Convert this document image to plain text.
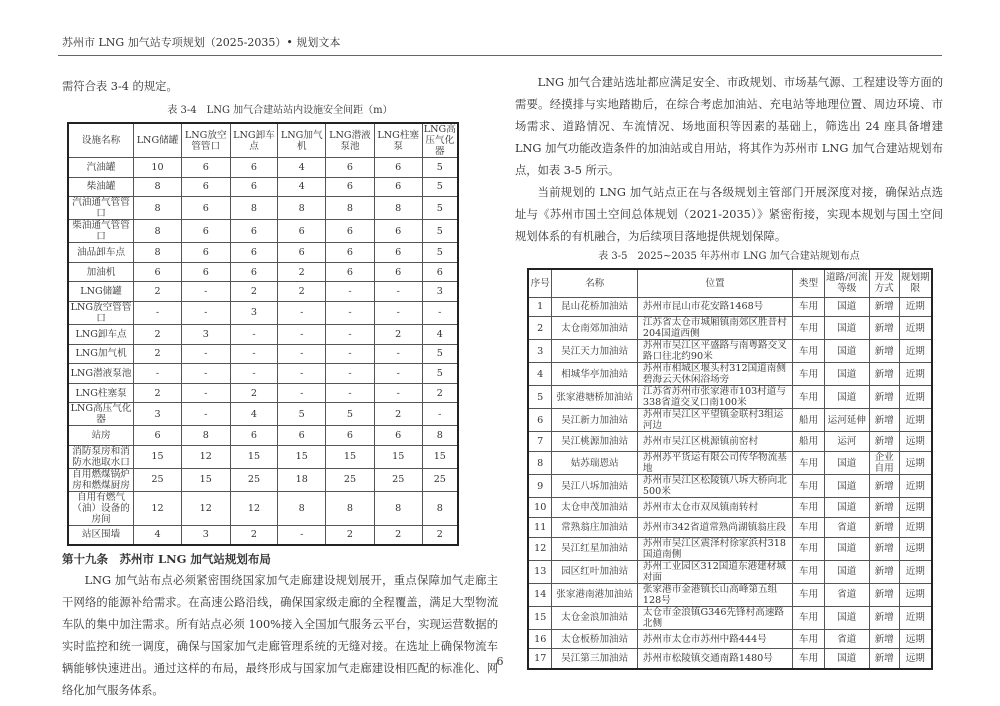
苏州市 LNG 加气站专项规划（2025-2035）• 规划文本

需符合表 3-4 的规定。

表 3-4　LNG 加气合建站站内设施安全间距（m）
设施名称	LNG储罐	LNG放空管管口	LNG卸车点	LNG加气机	LNG潜液泵池	LNG柱塞泵	LNG高压气化器
汽油罐	10	6	6	4	6	6	5
柴油罐	8	6	6	4	6	6	5
汽油通气管管口	8	6	8	8	8	8	5
柴油通气管管口	8	6	6	6	6	6	5
油品卸车点	8	6	6	6	6	6	5
加油机	6	6	6	2	6	6	6
LNG储罐	2	-	2	2	-	-	3
LNG放空管管口	-	-	3	-	-	-	-
LNG卸车点	2	3	-	-	-	2	4
LNG加气机	2	-	-	-	-	-	5
LNG潜液泵池	-	-	-	-	-	-	5
LNG柱塞泵	2	-	2	-	-	-	2
LNG高压气化器	3	-	4	5	5	2	-
站房	6	8	6	6	6	6	8
消防泵房和消防水池取水口	15	12	15	15	15	15	15
自用燃煤锅炉房和燃煤厨房	25	15	25	18	25	25	25
自用有燃气（油）设备的房间	12	12	12	8	8	8	8
站区围墙	4	3	2	-	2	2	2
第十九条　苏州市 LNG 加气站规划布局

LNG 加气站布点必须紧密围绕国家加气走廊建设规划展开，重点保障加气走廊主干网络的能源补给需求。在高速公路沿线，确保国家级走廊的全程覆盖，满足大型物流车队的集中加注需求。所有站点必须 100%接入全国加气服务云平台，实现运营数据的实时监控和统一调度，确保与国家加气走廊管理系统的无缝对接。在选址上确保物流车辆能够快速进出。通过这样的布局，最终形成与国家加气走廊建设相匹配的标准化、网络化加气服务体系。

LNG 加气合建站选址都应满足安全、市政规划、市场基气源、工程建设等方面的需要。经摸排与实地踏勘后，在综合考虑加油站、充电站等地理位置、周边环境、市场需求、道路情况、车流情况、场地面积等因素的基础上，筛选出 24 座具备增建 LNG 加气功能改造条件的加油站或自用站，将其作为苏州市 LNG 加气合建站规划布点，如表 3-5 所示。

当前规划的 LNG 加气站点正在与各级规划主管部门开展深度对接，确保站点选址与《苏州市国土空间总体规划（2021-2035）》紧密衔接，实现本规划与国土空间规划体系的有机融合，为后续项目落地提供规划保障。

表 3-5　2025~2035 年苏州市 LNG 加气合建站规划布点
序号	名称	位置	类型	道路/河流等级	开发方式	规划期限
1	昆山花桥加油站	苏州市昆山市花安路1468号	车用	国道	新增	近期
2	太仓南郊加油站	江苏省太仓市城厢镇南郊区胜昔村204国道西侧	车用	国道	新增	近期
3	吴江天力加油站	苏州市吴江区平盛路与南粤路交叉路口往北约90米	车用	国道	新增	近期
4	相城华亭加油站	苏州市相城区堰头村312国道南侧碧海云天休闲浴场旁	车用	国道	新增	近期
5	张家港塘桥加油站	江苏省苏州市张家港市103村道与338省道交叉口南100米	车用	国道	新增	近期
6	吴江新力加油站	苏州市吴江区平望镇金联村3组运河边	船用	运河延伸	新增	近期
7	吴江桃源加油站	苏州市吴江区桃源镇前窑村	船用	运河	新增	远期
8	姑苏瑞恩站	苏州苏平货运有限公司传华物流基地	车用	国道	企业自用	远期
9	吴江八坼加油站	苏州市吴江区松陵镇八坼大桥向北500米	车用	国道	新增	近期
10	太仓申茂加油站	苏州市太仓市双凤镇南转村	车用	国道	新增	远期
11	常熟翁庄加油站	苏州市342省道常熟尚湖镇翁庄段	车用	省道	新增	近期
12	吴江红星加油站	苏州市吴江区震泽村徐家浜村318国道南侧	车用	国道	新增	远期
13	园区红叶加油站	苏州工业园区312国道东港建材城对面	车用	国道	新增	近期
14	张家港南港加油站	张家港市金港镇长山高峰第五组128号	车用	省道	新增	远期
15	太仓金浪加油站	太仓市金浪镇G346先锋村高速路北侧	车用	国道	新增	近期
16	太仓板桥加油站	苏州市太仓市苏州中路444号	车用	省道	新增	远期
17	吴江第三加油站	苏州市松陵镇交通南路1480号	车用	国道	新增	远期
6
